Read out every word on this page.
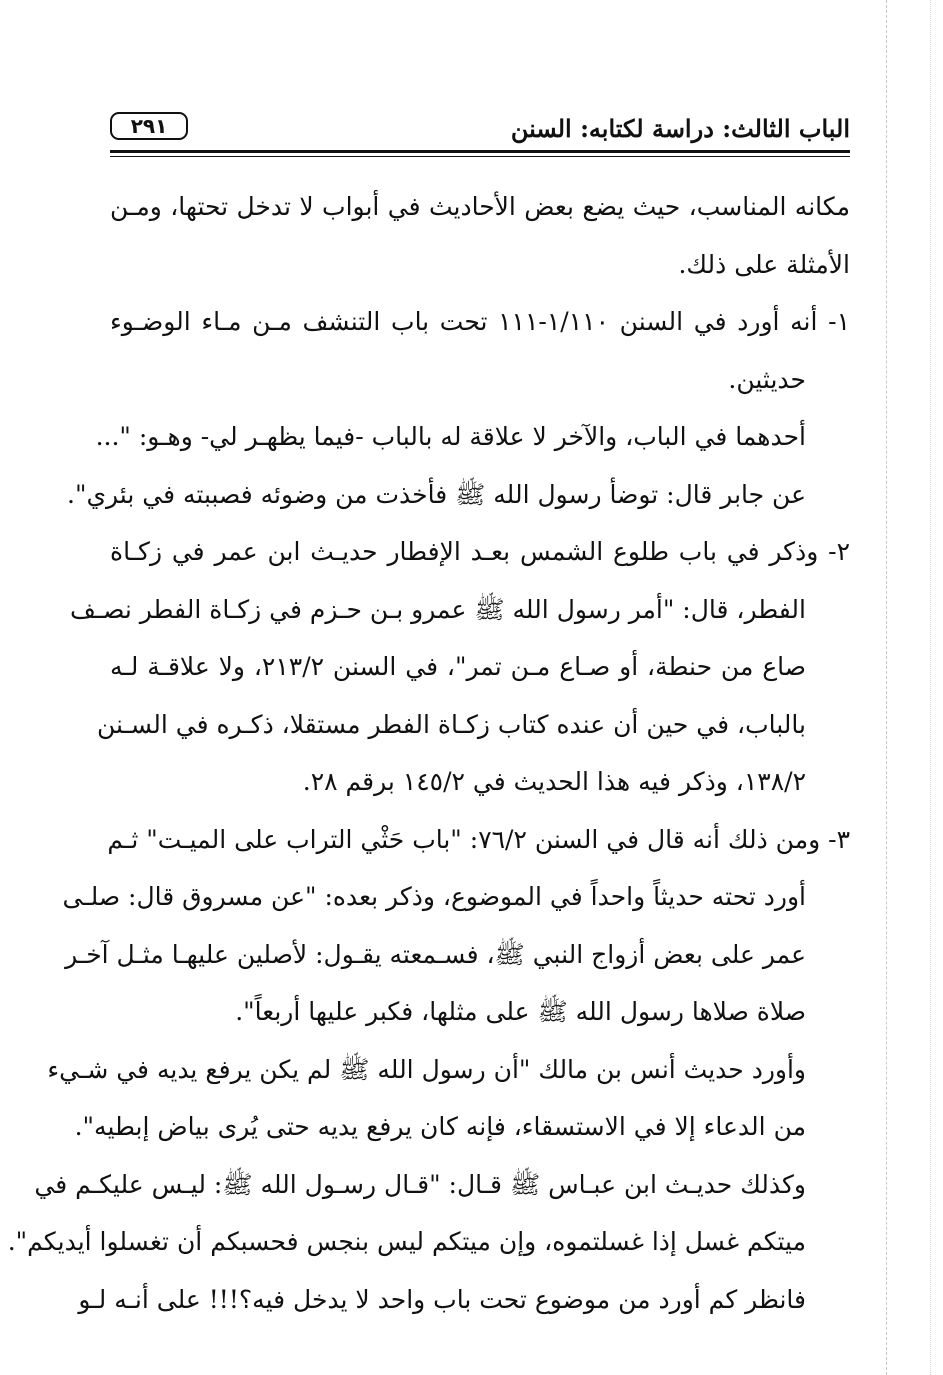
الباب الثالث: دراسة لكتابه: السنن
٢٩١
مكانه المناسب، حيث يضع بعض الأحاديث في أبواب لا تدخل تحتها، ومـن
الأمثلة على ذلك.
١- أنه أورد في السنن ١/١١٠-١١١ تحت باب التنشف مـن مـاء الوضـوء
حديثين.
أحدهما في الباب، والآخر لا علاقة له بالباب -فيما يظهـر لي- وهـو: "...
عن جابر قال: توضأ رسول الله ﷺ فأخذت من وضوئه فصببته في بئري".
٢- وذكر في باب طلوع الشمس بعـد الإفطار حديـث ابن عمر في زكـاة
الفطر، قال: "أمر رسول الله ﷺ عمرو بـن حـزم في زكـاة الفطر نصـف
صاع من حنطة، أو صـاع مـن تمر"، في السنن ٢١٣/٢، ولا علاقـة لـه
بالباب، في حين أن عنده كتاب زكـاة الفطر مستقلا، ذكـره في السـنن
١٣٨/٢، وذكر فيه هذا الحديث في ١٤٥/٢ برقم ٢٨.
٣- ومن ذلك أنه قال في السنن ٧٦/٢: "باب حَثْي التراب على الميـت" ثـم
أورد تحته حديثاً واحداً في الموضوع، وذكر بعده: "عن مسروق قال: صلـى
عمر على بعض أزواج النبي ﷺ، فسـمعته يقـول: لأصلين عليهـا مثـل آخـر
صلاة صلاها رسول الله ﷺ على مثلها، فكبر عليها أربعاً".
وأورد حديث أنس بن مالك "أن رسول الله ﷺ لم يكن يرفع يديه في شـيء
من الدعاء إلا في الاستسقاء، فإنه كان يرفع يديه حتى يُرى بياض إبطيه".
وكذلك حديـث ابن عبـاس ﷺ قـال: "قـال رسـول الله ﷺ: ليـس عليكـم في
ميتكم غسل إذا غسلتموه، وإن ميتكم ليس بنجس فحسبكم أن تغسلوا أيديكم".
فانظر كم أورد من موضوع تحت باب واحد لا يدخل فيه؟!!! على أنـه لـو
